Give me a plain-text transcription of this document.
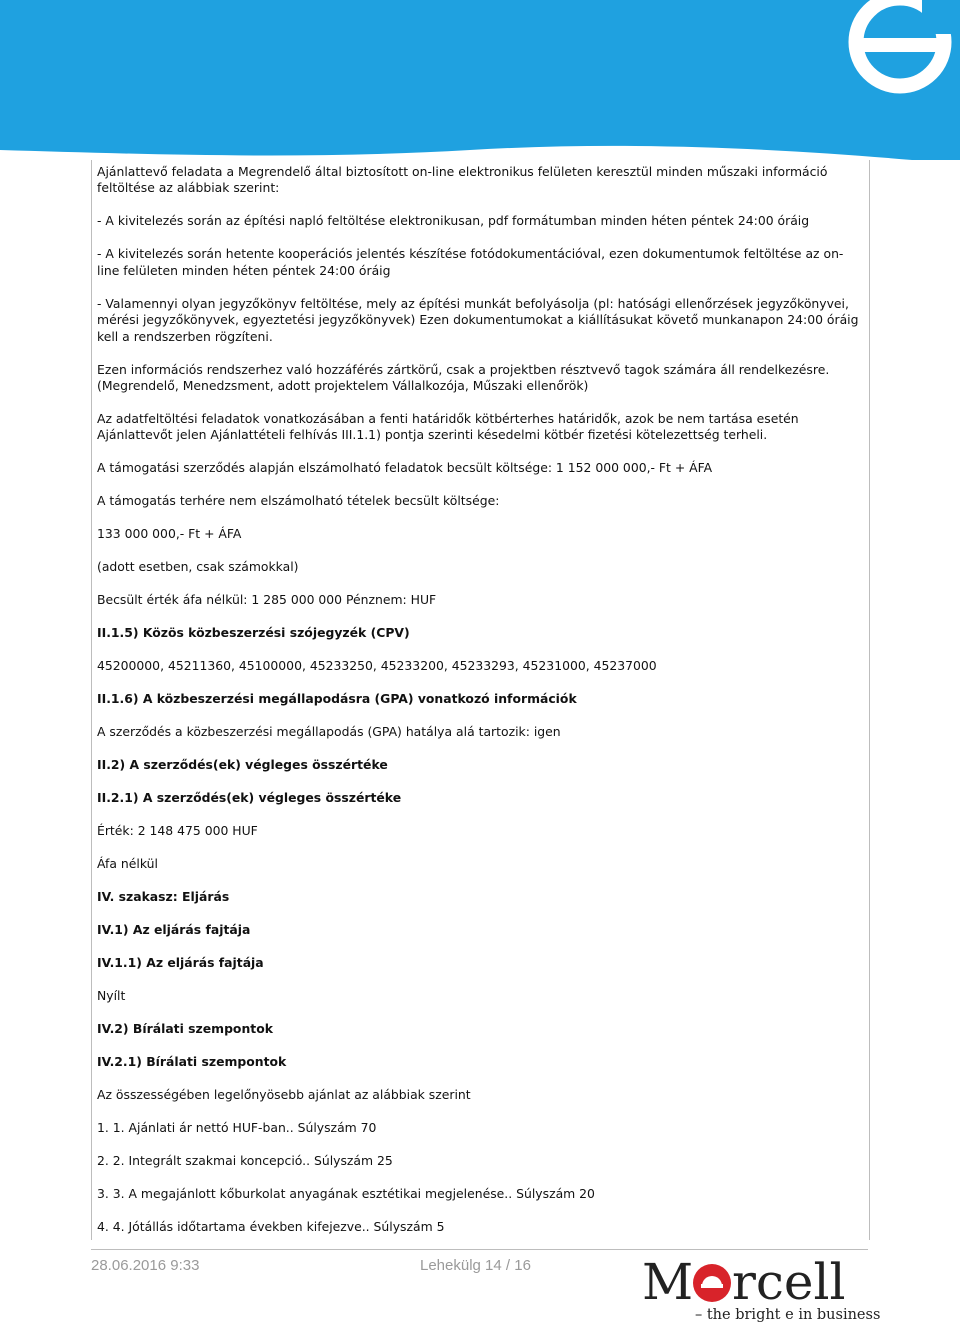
Ajánlattevő feladata a Megrendelő által biztosított on-line elektronikus felületen keresztül minden műszaki információ feltöltése az alábbiak szerint:

- A kivitelezés során az építési napló feltöltése elektronikusan, pdf formátumban minden héten péntek 24:00 óráig

- A kivitelezés során hetente kooperációs jelentés készítése fotódokumentációval, ezen dokumentumok feltöltése az on-line felületen minden héten péntek 24:00 óráig

- Valamennyi olyan jegyzőkönyv feltöltése, mely az építési munkát befolyásolja (pl: hatósági ellenőrzések jegyzőkönyvei, mérési jegyzőkönyvek, egyeztetési jegyzőkönyvek) Ezen dokumentumokat a kiállításukat követő munkanapon 24:00 óráig kell a rendszerben rögzíteni.

Ezen információs rendszerhez való hozzáférés zártkörű, csak a projektben résztvevő tagok számára áll rendelkezésre.

(Megrendelő, Menedzsment, adott projektelem Vállalkozója, Műszaki ellenőrök)

Az adatfeltöltési feladatok vonatkozásában a fenti határidők kötbérterhes határidők, azok be nem tartása esetén Ajánlattevőt jelen Ajánlattételi felhívás III.1.1) pontja szerinti késedelmi kötbér fizetési kötelezettség terheli.

A támogatási szerződés alapján elszámolható feladatok becsült költsége: 1 152 000 000,- Ft + ÁFA

A támogatás terhére nem elszámolható tételek becsült költsége:

133 000 000,- Ft + ÁFA

(adott esetben, csak számokkal)

Becsült érték áfa nélkül: 1 285 000 000 Pénznem: HUF

II.1.5) Közös közbeszerzési szójegyzék (CPV)

45200000, 45211360, 45100000, 45233250, 45233200, 45233293, 45231000, 45237000

II.1.6) A közbeszerzési megállapodásra (GPA) vonatkozó információk

A szerződés a közbeszerzési megállapodás (GPA) hatálya alá tartozik: igen

II.2) A szerződés(ek) végleges összértéke

II.2.1) A szerződés(ek) végleges összértéke

Érték: 2 148 475 000 HUF

Áfa nélkül

IV. szakasz: Eljárás

IV.1) Az eljárás fajtája

IV.1.1) Az eljárás fajtája

Nyílt

IV.2) Bírálati szempontok

IV.2.1) Bírálati szempontok

Az összességében legelőnyösebb ajánlat az alábbiak szerint

1. 1. Ajánlati ár nettó HUF-ban.. Súlyszám 70

2. 2. Integrált szakmai koncepció.. Súlyszám 25

3. 3. A megajánlott kőburkolat anyagának esztétikai megjelenése.. Súlyszám 20

4. 4. Jótállás időtartama években kifejezve.. Súlyszám 5

28.06.2016 9:33	Lehekülg 14 / 16 M rcell
– the bright e in business
